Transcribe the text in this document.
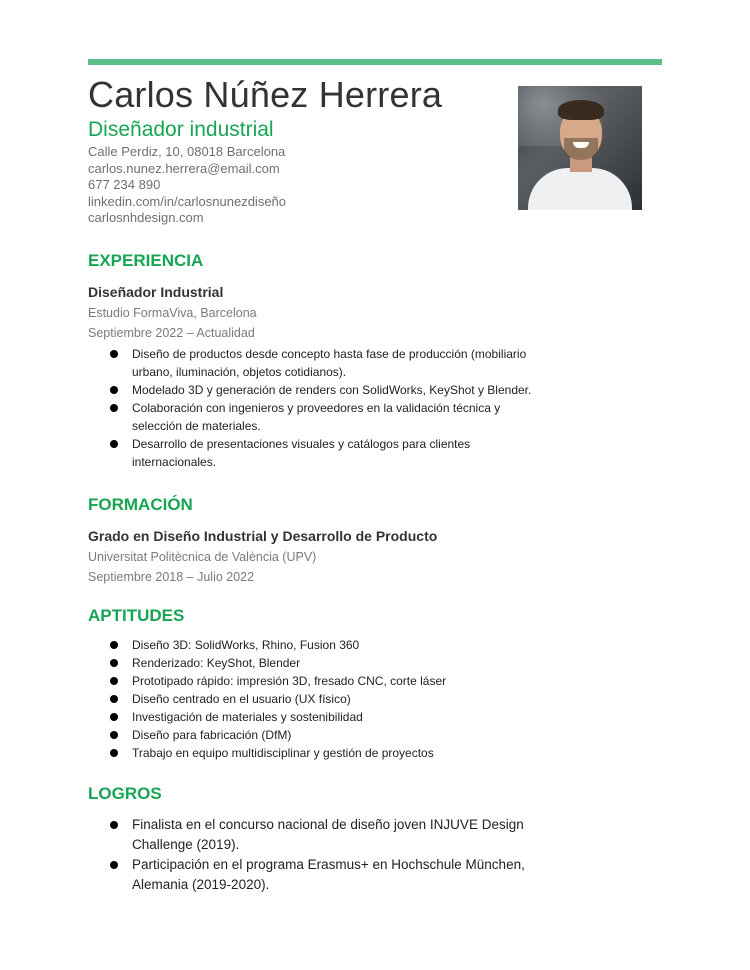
Carlos Núñez Herrera
Diseñador industrial
Calle Perdiz, 10, 08018 Barcelona
carlos.nunez.herrera@email.com
677 234 890
linkedin.com/in/carlosnunezdiseño
carlosnhdesign.com
EXPERIENCIA
Diseñador Industrial
Estudio FormaViva, Barcelona
Septiembre 2022 – Actualidad
Diseño de productos desde concepto hasta fase de producción (mobiliario urbano, iluminación, objetos cotidianos).
Modelado 3D y generación de renders con SolidWorks, KeyShot y Blender.
Colaboración con ingenieros y proveedores en la validación técnica y selección de materiales.
Desarrollo de presentaciones visuales y catálogos para clientes internacionales.
FORMACIÓN
Grado en Diseño Industrial y Desarrollo de Producto
Universitat Politècnica de València (UPV)
Septiembre 2018 – Julio 2022
APTITUDES
Diseño 3D: SolidWorks, Rhino, Fusion 360
Renderizado: KeyShot, Blender
Prototipado rápido: impresión 3D, fresado CNC, corte láser
Diseño centrado en el usuario (UX físico)
Investigación de materiales y sostenibilidad
Diseño para fabricación (DfM)
Trabajo en equipo multidisciplinar y gestión de proyectos
LOGROS
Finalista en el concurso nacional de diseño joven INJUVE Design Challenge (2019).
Participación en el programa Erasmus+ en Hochschule München, Alemania (2019-2020).
